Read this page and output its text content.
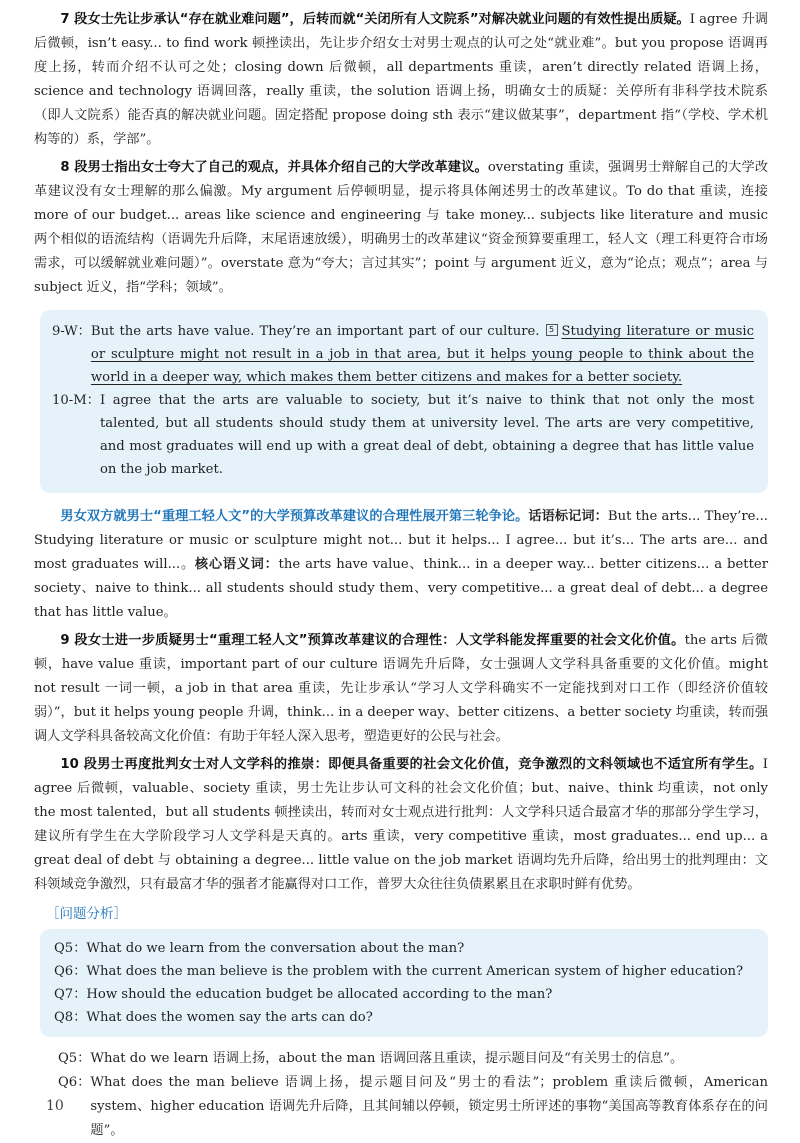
7 段女士先让步承认“存在就业难问题”，后转而就“关闭所有人文院系”对解决就业问题的有效性提出质疑。I agree 升调后微顿，isn’t easy... to find work 顿挫读出，先让步介绍女士对男士观点的认可之处“就业难”。but you propose 语调再度上扬，转而介绍不认可之处；closing down 后微顿，all departments 重读，aren’t directly related 语调上扬，science and technology 语调回落，really 重读，the solution 语调上扬，明确女士的质疑：关停所有非科学技术院系（即人文院系）能否真的解决就业问题。固定搭配 propose doing sth 表示“建议做某事”，department 指“（学校、学术机构等的）系，学部”。

8 段男士指出女士夸大了自己的观点，并具体介绍自己的大学改革建议。overstating 重读，强调男士辩解自己的大学改革建议没有女士理解的那么偏激。My argument 后停顿明显，提示将具体阐述男士的改革建议。To do that 重读，连接 more of our budget... areas like science and engineering 与 take money... subjects like literature and music 两个相似的语流结构（语调先升后降，末尾语速放缓），明确男士的改革建议“资金预算要重理工，轻人文（理工科更符合市场需求，可以缓解就业难问题）”。overstate 意为“夸大；言过其实”；point 与 argument 近义，意为“论点；观点”；area 与 subject 近义，指“学科；领域”。

9-W： But the arts have value. They’re an important part of our culture. 5 Studying literature or music or sculpture might not result in a job in that area, but it helps young people to think about the world in a deeper way, which makes them better citizens and makes for a better society.
10-M： I agree that the arts are valuable to society, but it’s naive to think that not only the most talented, but all students should study them at university level. The arts are very competitive, and most graduates will end up with a great deal of debt, obtaining a degree that has little value on the job market.

男女双方就男士“重理工轻人文”的大学预算改革建议的合理性展开第三轮争论。话语标记词：But the arts... They’re... Studying literature or music or sculpture might not... but it helps... I agree... but it’s... The arts are... and most graduates will...。核心语义词：the arts have value、think... in a deeper way... better citizens... a better society、naive to think... all students should study them、very competitive... a great deal of debt... a degree that has little value。

9 段女士进一步质疑男士“重理工轻人文”预算改革建议的合理性：人文学科能发挥重要的社会文化价值。the arts 后微顿，have value 重读，important part of our culture 语调先升后降，女士强调人文学科具备重要的文化价值。might not result 一词一顿，a job in that area 重读，先让步承认“学习人文学科确实不一定能找到对口工作（即经济价值较弱）”，but it helps young people 升调，think... in a deeper way、better citizens、a better society 均重读，转而强调人文学科具备较高文化价值：有助于年轻人深入思考，塑造更好的公民与社会。

10 段男士再度批判女士对人文学科的推崇：即便具备重要的社会文化价值，竞争激烈的文科领域也不适宜所有学生。I agree 后微顿，valuable、society 重读，男士先让步认可文科的社会文化价值；but、naive、think 均重读，not only the most talented，but all students 顿挫读出，转而对女士观点进行批判：人文学科只适合最富才华的那部分学生学习，建议所有学生在大学阶段学习人文学科是天真的。arts 重读，very competitive 重读，most graduates... end up... a great deal of debt 与 obtaining a degree... little value on the job market 语调均先升后降，给出男士的批判理由：文科领域竞争激烈，只有最富才华的强者才能赢得对口工作，普罗大众往往负债累累且在求职时鲜有优势。

［问题分析］
Q5： What do we learn from the conversation about the man?
Q6： What does the man believe is the problem with the current American system of higher education?
Q7： How should the education budget be allocated according to the man?
Q8： What does the women say the arts can do?
Q5： What do we learn 语调上扬，about the man 语调回落且重读，提示题目问及“有关男士的信息”。
Q6： What does the man believe 语调上扬，提示题目问及“男士的看法”；problem 重读后微顿，American system、higher education 语调先升后降，且其间辅以停顿，锁定男士所评述的事物“美国高等教育体系存在的问题”。
10
